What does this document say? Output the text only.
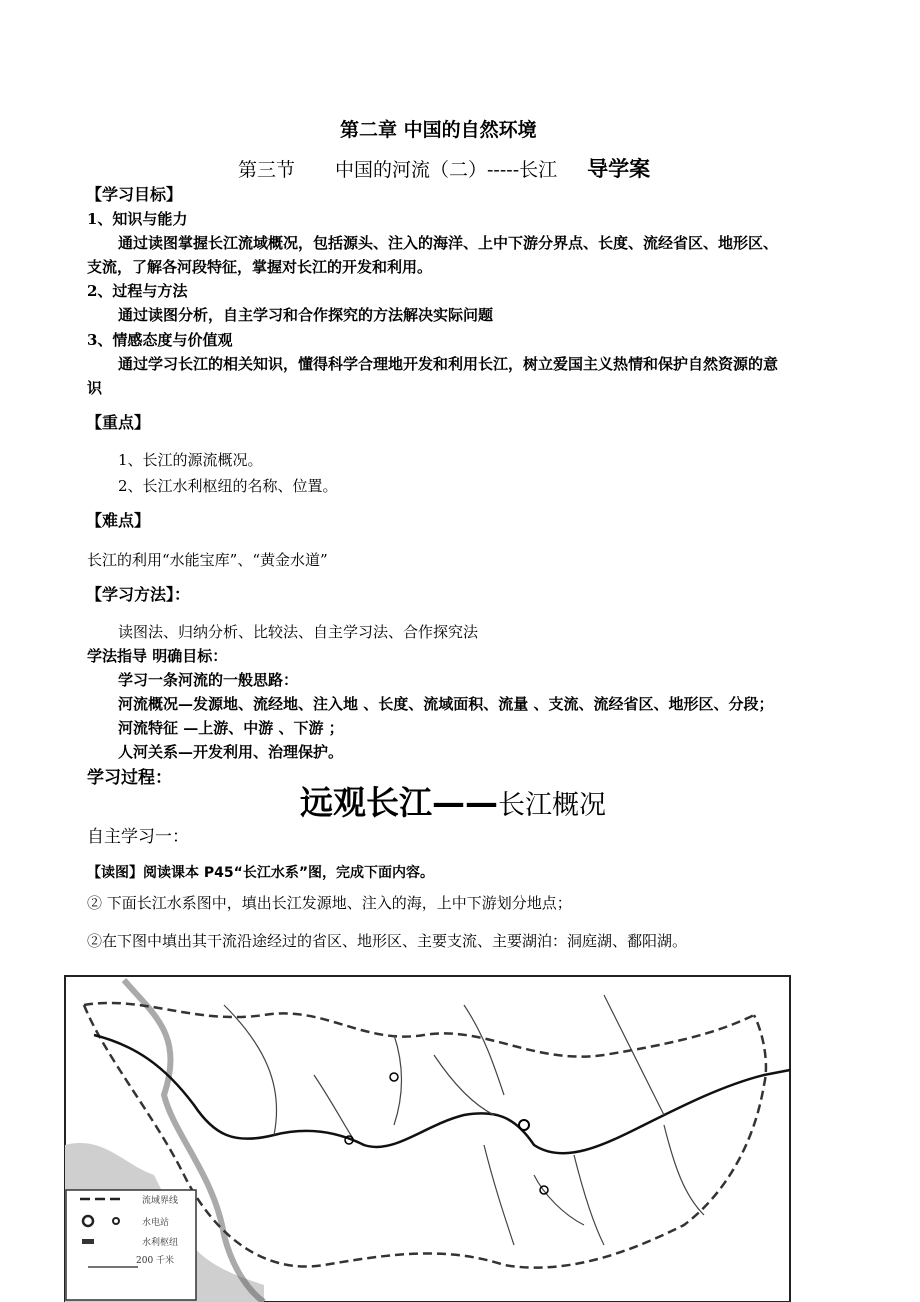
第二章 中国的自然环境
第三节 中国的河流（二）-----长江 导学案
【学习目标】
1、知识与能力
通过读图掌握长江流域概况，包括源头、注入的海洋、上中下游分界点、长度、流经省区、地形区、
支流，了解各河段特征，掌握对长江的开发和利用。
2、过程与方法
通过读图分析，自主学习和合作探究的方法解决实际问题
3、情感态度与价值观
通过学习长江的相关知识，懂得科学合理地开发和利用长江，树立爱国主义热情和保护自然资源的意
识
【重点】
1、长江的源流概况。
2、长江水利枢纽的名称、位置。
【难点】
长江的利用“水能宝库”、“黄金水道”
【学习方法】：
读图法、归纳分析、比较法、自主学习法、合作探究法
学法指导 明确目标：
学习一条河流的一般思路：
河流概况—发源地、流经地、注入地 、长度、流域面积、流量 、支流、流经省区、地形区、分段；
河流特征 —上游、中游 、下游 ；
人河关系—开发利用、治理保护。
学习过程：
远观长江——长江概况
自主学习一：
【读图】阅读课本 P45“长江水系”图，完成下面内容。
② 下面长江水系图中，填出长江发源地、注入的海，上中下游划分地点；
②在下图中填出其干流沿途经过的省区、地形区、主要支流、主要湖泊：洞庭湖、鄱阳湖。
流域界线
水电站
水利枢纽
200 千米
